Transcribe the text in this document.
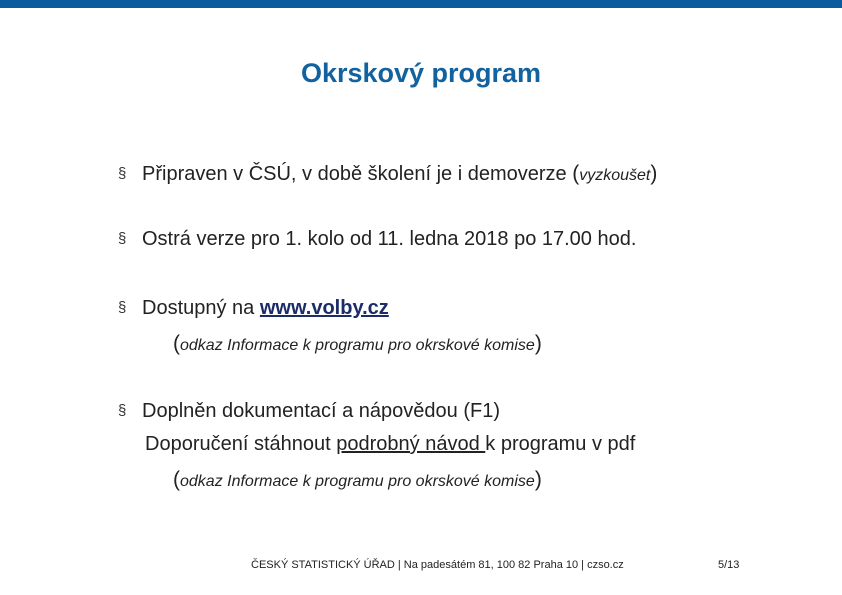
Okrskový program
§ Připraven v ČSÚ, v době školení je i demoverze (vyzkoušet)
§ Ostrá verze pro 1. kolo od 11. ledna 2018 po 17.00 hod.
§ Dostupný na www.volby.cz
(odkaz Informace k programu pro okrskové komise)
§ Doplněn dokumentací a nápovědou (F1)
Doporučení stáhnout podrobný návod k programu v pdf
(odkaz Informace k programu pro okrskové komise)
ČESKÝ STATISTICKÝ ÚŘAD | Na padesátém 81, 100 82 Praha 10 | czso.cz	5/13
